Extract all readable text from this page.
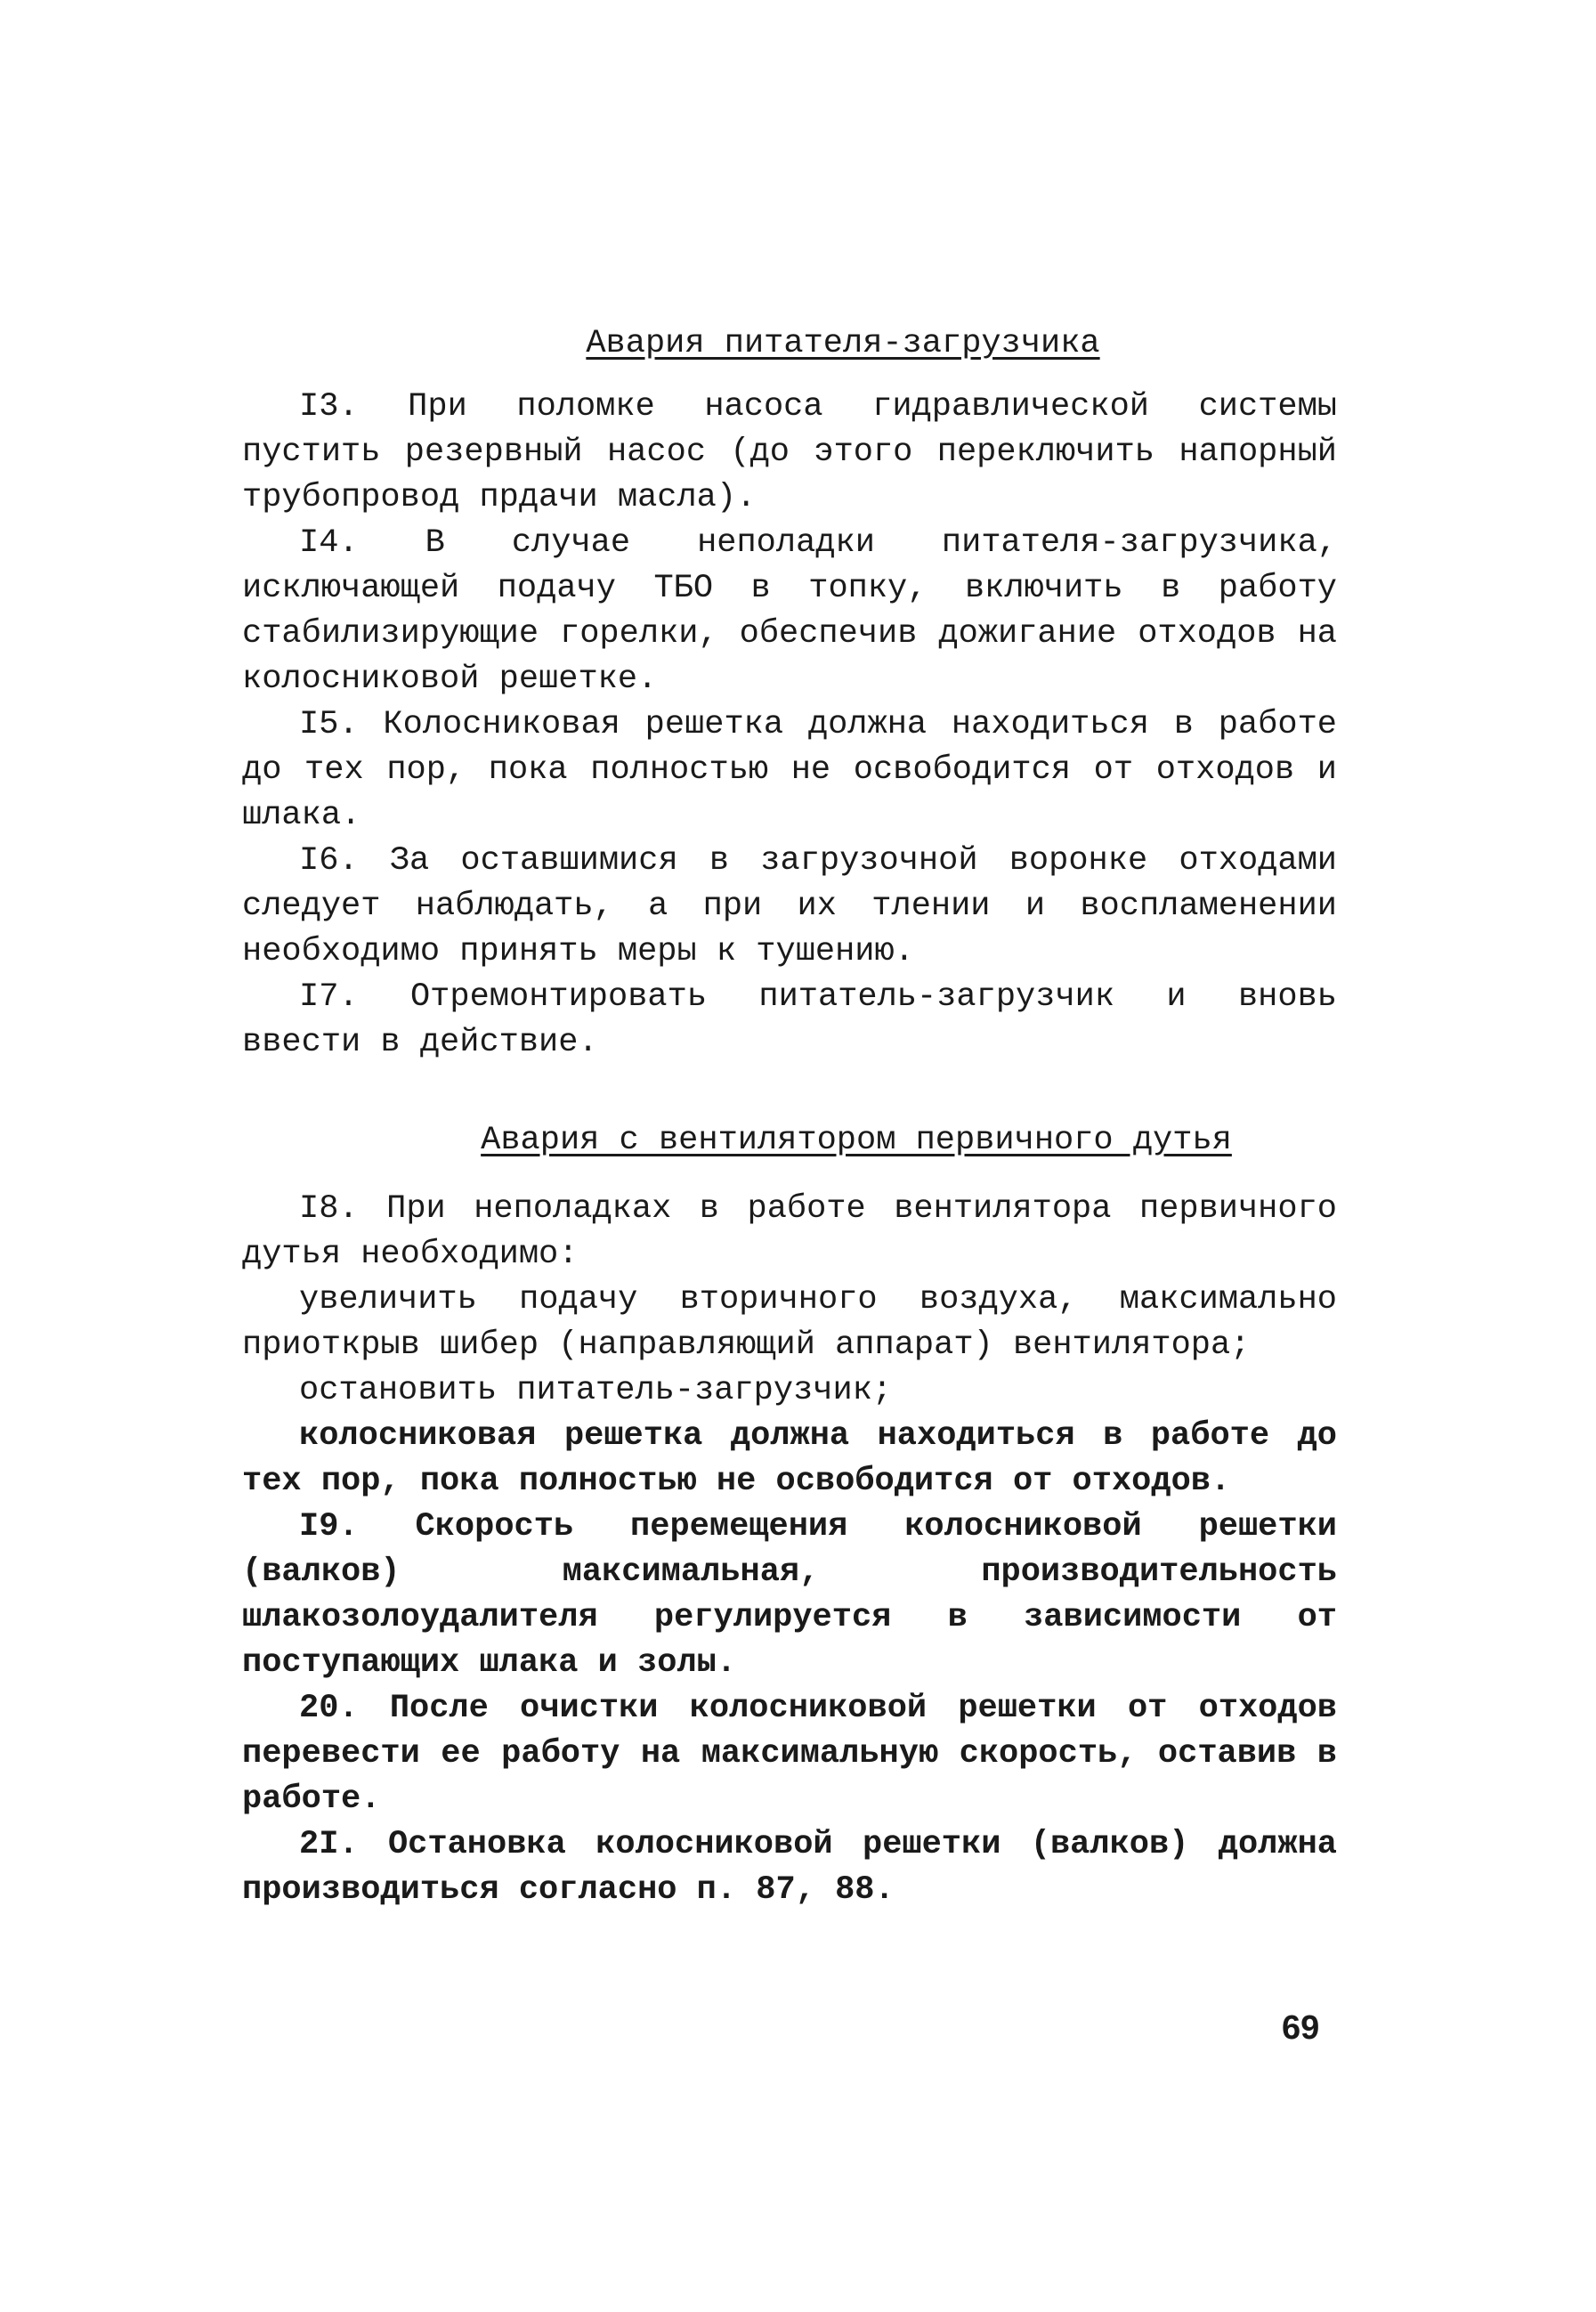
Авария питателя-загрузчика

I3. При поломке насоса гидравлической системы пустить резервный насос (до этого переключить напорный трубопровод прдачи масла).

I4. В случае неполадки питателя-загрузчика, исключающей подачу ТБО в топку, включить в работу стабилизирующие горелки, обеспечив дожигание отходов на колосниковой решетке.

I5. Колосниковая решетка должна находиться в работе до тех пор, пока полностью не освободится от отходов и шлака.

I6. За оставшимися в загрузочной воронке отходами следует наблюдать, а при их тлении и воспламенении необходимо принять меры к тушению.

I7. Отремонтировать питатель-загрузчик и вновь ввести в действие.

Авария с вентилятором первичного дутья

I8. При неполадках в работе вентилятора первичного дутья необходимо:

увеличить подачу вторичного воздуха, максимально приоткрыв шибер (направляющий аппарат) вентилятора;

остановить питатель-загрузчик;

колосниковая решетка должна находиться в работе до тех пор, пока полностью не освободится от отходов.

I9. Скорость перемещения колосниковой решетки (валков) максимальная, производительность шлакозолоудалителя регулируется в зависимости от поступающих шлака и золы.

20. После очистки колосниковой решетки от отходов перевести ее работу на максимальную скорость, оставив в работе.

2I. Остановка колосниковой решетки (валков) должна производиться согласно п. 87, 88.

69
